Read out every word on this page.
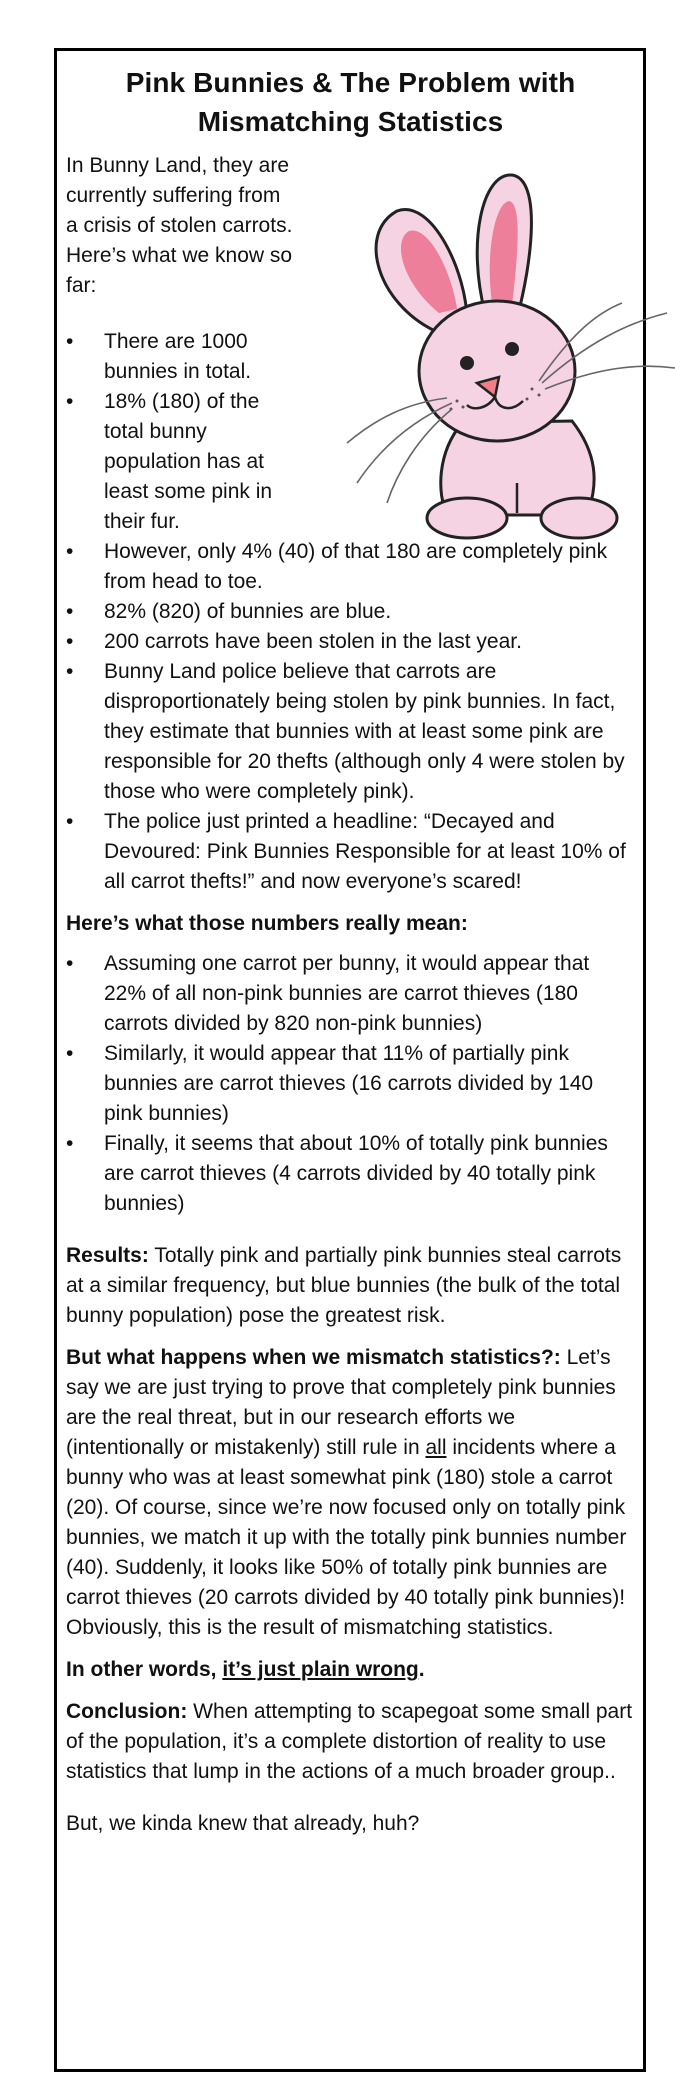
Pink Bunnies & The Problem with
Mismatching Statistics

In Bunny Land, they are currently suffering from a crisis of stolen carrots. Here’s what we know so far:

• There are 1000 bunnies in total.
• 18% (180) of the total bunny population has at least some pink in their fur.
• However, only 4% (40) of that 180 are completely pink from head to toe.
• 82% (820) of bunnies are blue.
• 200 carrots have been stolen in the last year.
• Bunny Land police believe that carrots are disproportionately being stolen by pink bunnies. In fact, they estimate that bunnies with at least some pink are responsible for 20 thefts (although only 4 were stolen by those who were completely pink).
• The police just printed a headline: “Decayed and Devoured: Pink Bunnies Responsible for at least 10% of all carrot thefts!” and now everyone’s scared!

Here’s what those numbers really mean:

• Assuming one carrot per bunny, it would appear that 22% of all non-pink bunnies are carrot thieves (180 carrots divided by 820 non-pink bunnies)
• Similarly, it would appear that 11% of partially pink bunnies are carrot thieves (16 carrots divided by 140 pink bunnies)
• Finally, it seems that about 10% of totally pink bunnies are carrot thieves (4 carrots divided by 40 totally pink bunnies)

Results: Totally pink and partially pink bunnies steal carrots at a similar frequency, but blue bunnies (the bulk of the total bunny population) pose the greatest risk.

But what happens when we mismatch statistics?: Let’s say we are just trying to prove that completely pink bunnies are the real threat, but in our research efforts we (intentionally or mistakenly) still rule in all incidents where a bunny who was at least somewhat pink (180) stole a carrot (20). Of course, since we’re now focused only on totally pink bunnies, we match it up with the totally pink bunnies number (40). Suddenly, it looks like 50% of totally pink bunnies are carrot thieves (20 carrots divided by 40 totally pink bunnies)! Obviously, this is the result of mismatching statistics.

In other words, it’s just plain wrong.

Conclusion: When attempting to scapegoat some small part of the population, it’s a complete distortion of reality to use statistics that lump in the actions of a much broader group..

But, we kinda knew that already, huh?
